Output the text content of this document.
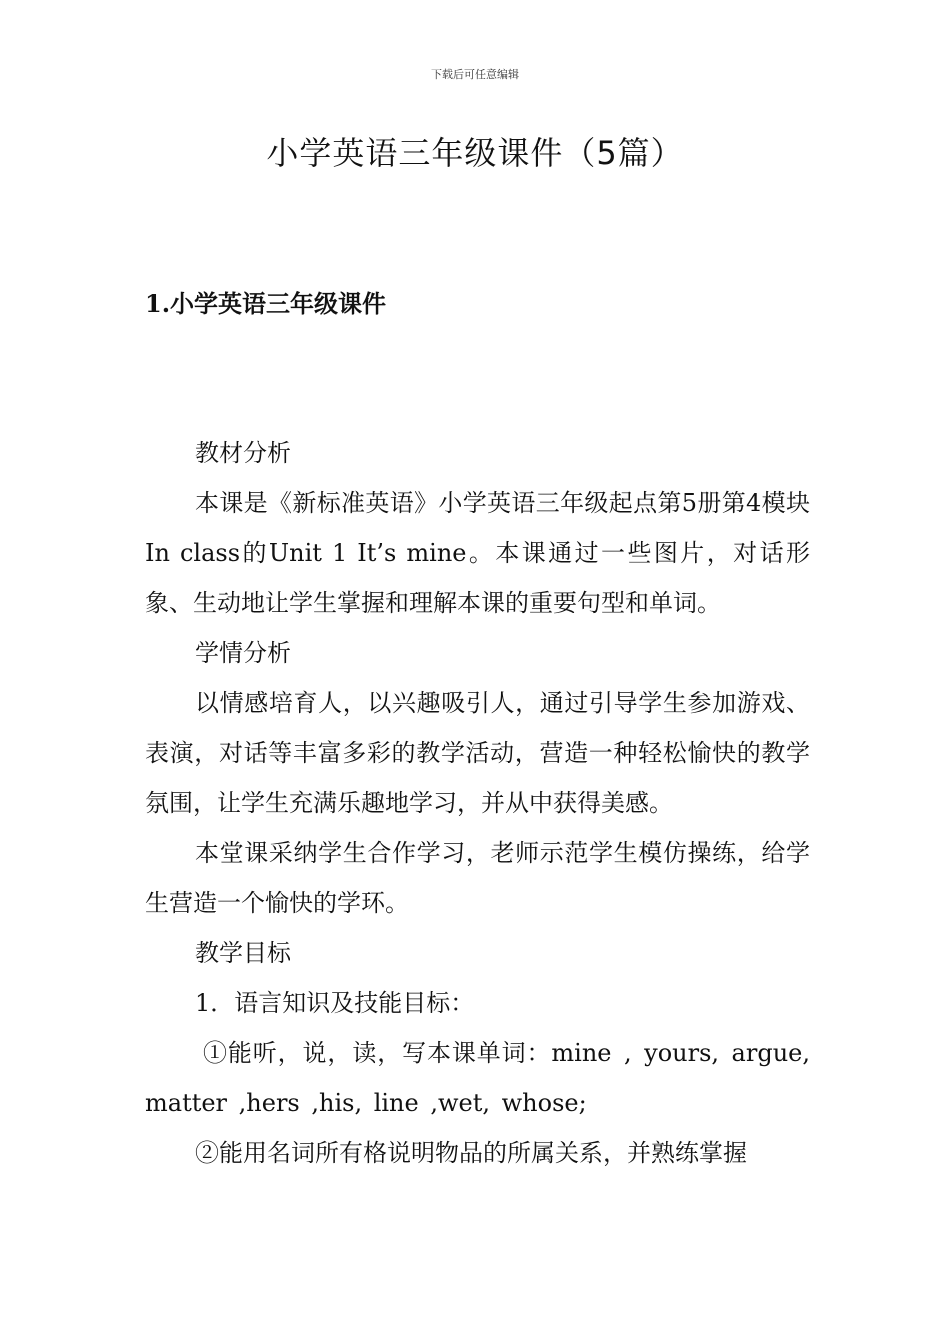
下载后可任意编辑
小学英语三年级课件（5篇）
1.小学英语三年级课件

教材分析

本课是《新标准英语》小学英语三年级起点第5册第4模块In class的Unit 1 It’s mine。本课通过一些图片，对话形象、生动地让学生掌握和理解本课的重要句型和单词。

学情分析

以情感培育人，以兴趣吸引人，通过引导学生参加游戏、表演，对话等丰富多彩的教学活动，营造一种轻松愉快的教学氛围，让学生充满乐趣地学习，并从中获得美感。

本堂课采纳学生合作学习，老师示范学生模仿操练，给学生营造一个愉快的学环。

教学目标

1．语言知识及技能目标：

①能听，说，读，写本课单词：mine , yours, argue, matter ,hers ,his, line ,wet, whose;

②能用名词所有格说明物品的所属关系，并熟练掌握
